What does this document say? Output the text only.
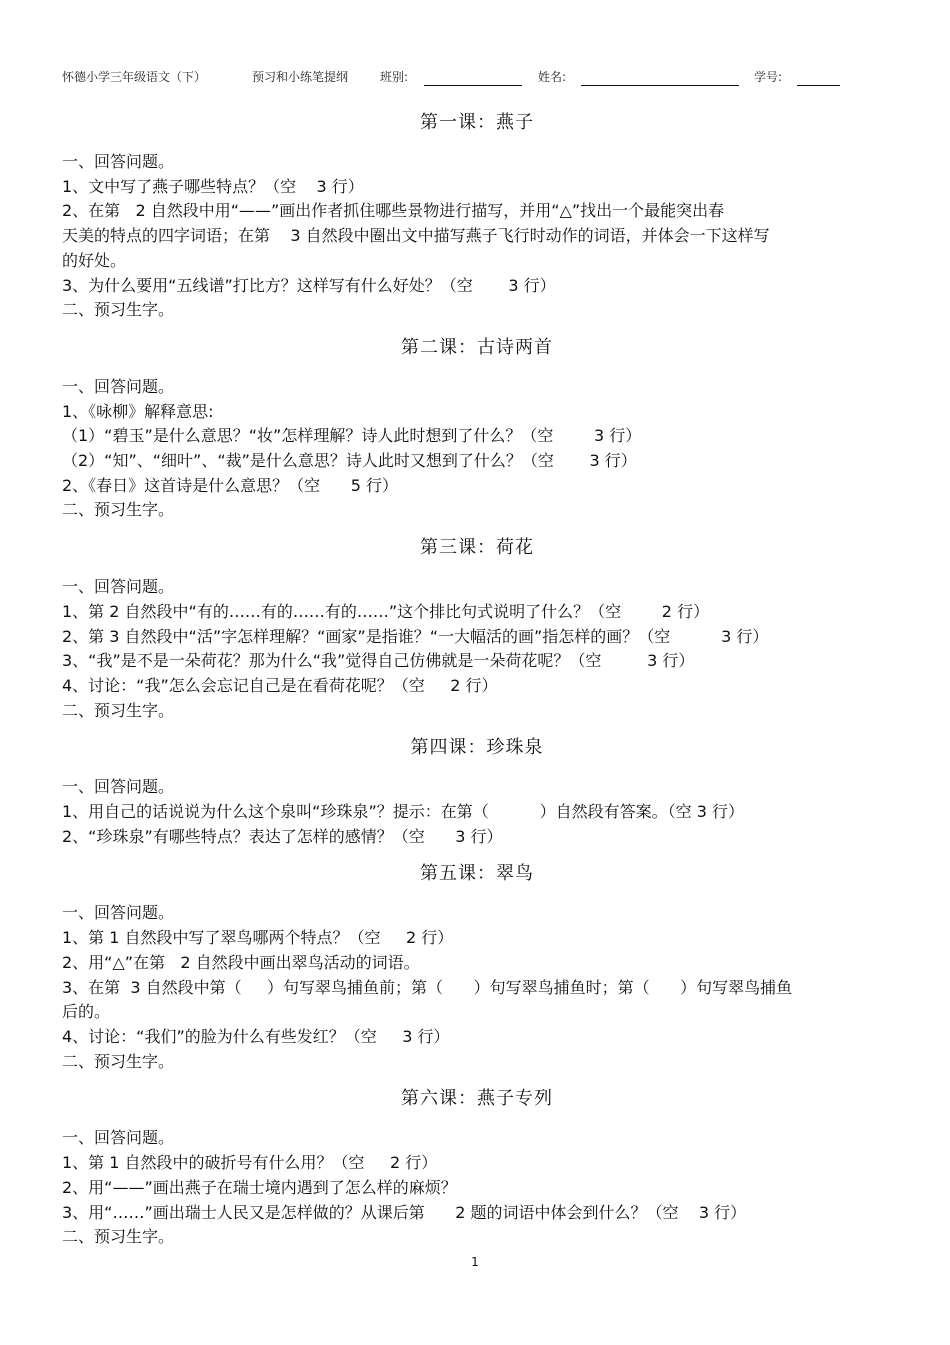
怀德小学三年级语文（下）	预习和小练笔提纲	班别:	姓名:	学号:
第一课：燕子
一、回答问题。
1、文中写了燕子哪些特点？（空    3 行）
2、在第   2 自然段中用“——”画出作者抓住哪些景物进行描写，并用“△”找出一个最能突出春
天美的特点的四字词语；在第    3 自然段中圈出文中描写燕子飞行时动作的词语，并体会一下这样写
的好处。
3、为什么要用“五线谱”打比方？这样写有什么好处？（空       3 行）
二、预习生字。
第二课：古诗两首
一、回答问题。
1、《咏柳》解释意思:
（1）“碧玉”是什么意思？“妆”怎样理解？诗人此时想到了什么？（空        3 行）
（2）“知”、“细叶”、“裁”是什么意思？诗人此时又想到了什么？（空       3 行）
2、《春日》这首诗是什么意思？（空      5 行）
二、预习生字。
第三课：荷花
一、回答问题。
1、第 2 自然段中“有的……有的……有的……”这个排比句式说明了什么？（空        2 行）
2、第 3 自然段中“活”字怎样理解？“画家”是指谁？“一大幅活的画”指怎样的画？（空          3 行）
3、“我”是不是一朵荷花？那为什么“我”觉得自己仿佛就是一朵荷花呢？（空         3 行）
4、讨论：“我”怎么会忘记自己是在看荷花呢？（空     2 行）
二、预习生字。
第四课：珍珠泉
一、回答问题。
1、用自己的话说说为什么这个泉叫“珍珠泉”？提示：在第（          ）自然段有答案。（空 3 行）
2、“珍珠泉”有哪些特点？表达了怎样的感情？（空      3 行）
第五课：翠鸟
一、回答问题。
1、第 1 自然段中写了翠鸟哪两个特点？（空     2 行）
2、用“△”在第   2 自然段中画出翠鸟活动的词语。
3、在第  3 自然段中第（     ）句写翠鸟捕鱼前；第（      ）句写翠鸟捕鱼时；第（      ）句写翠鸟捕鱼
后的。
4、讨论：“我们”的脸为什么有些发红？（空     3 行）
二、预习生字。
第六课：燕子专列
一、回答问题。
1、第 1 自然段中的破折号有什么用？（空     2 行）
2、用“——”画出燕子在瑞士境内遇到了怎么样的麻烦？
3、用“……”画出瑞士人民又是怎样做的？从课后第      2 题的词语中体会到什么？（空    3 行）
二、预习生字。
1
